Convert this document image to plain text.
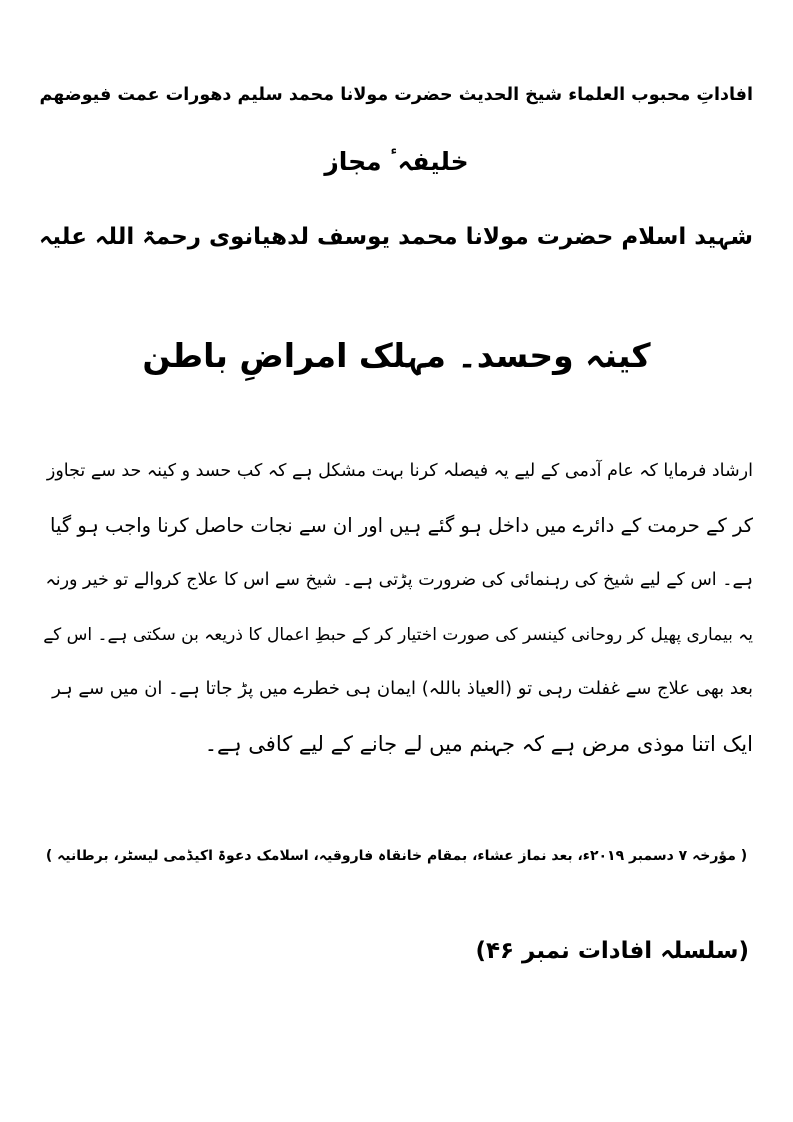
افاداتِ محبوب العلماء شیخ الحدیث حضرت مولانا محمد سلیم دھورات عمت فیوضھم

خلیفہٴ مجاز

شہید اسلام حضرت مولانا محمد یوسف لدھیانوی رحمۃ اللہ علیہ

کینہ وحسد۔ مہلک امراضِ باطن
ارشاد فرمایا کہ عام آدمی کے لیے یہ فیصلہ کرنا بہت مشکل ہے کہ کب حسد و کینہ حد سے تجاوز
کر کے حرمت کے دائرے میں داخل ہو گئے ہیں اور ان سے نجات حاصل کرنا واجب ہو گیا
ہے۔ اس کے لیے شیخ کی رہنمائی کی ضرورت پڑتی ہے۔ شیخ سے اس کا علاج کروالے تو خیر ورنہ
یہ بیماری پھیل کر روحانی کینسر کی صورت اختیار کر کے حبطِ اعمال کا ذریعہ بن سکتی ہے۔ اس کے
بعد بھی علاج سے غفلت رہی تو (العیاذ باللہ) ایمان ہی خطرے میں پڑ جاتا ہے۔ ان میں سے ہر
ایک اتنا موذی مرض ہے کہ جہنم میں لے جانے کے لیے کافی ہے۔

( مؤرخہ ۷ دسمبر ۲۰۱۹ء، بعد نماز عشاء، بمقام خانقاہ فاروقیہ، اسلامک دعوۃ اکیڈمی لیسٹر، برطانیہ )

(سلسلہ افادات نمبر ۴۶)
